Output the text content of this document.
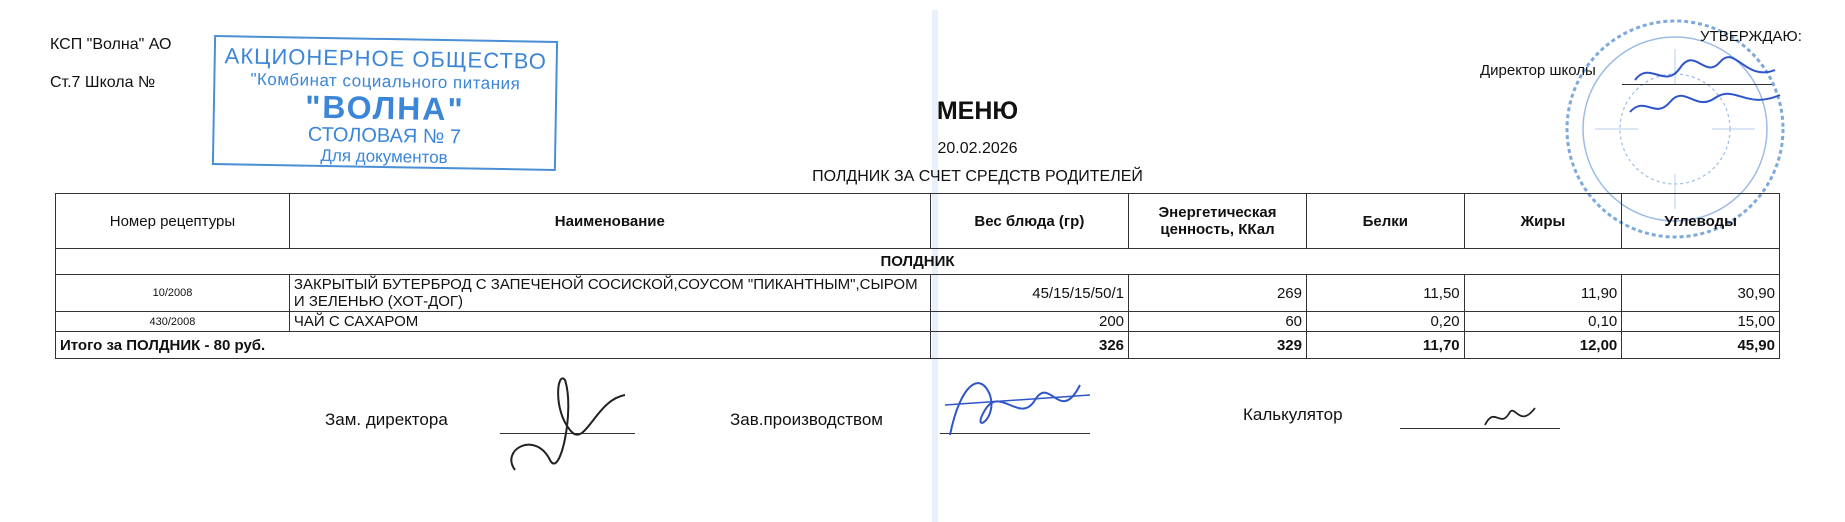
КСП "Волна" АО
Ст.7 Школа №
АКЦИОНЕРНОЕ ОБЩЕСТВО
"Комбинат социального питания
"ВОЛНА"
СТОЛОВАЯ № 7
Для документов
УТВЕРЖДАЮ:
Директор школы
МЕНЮ
20.02.2026
ПОЛДНИК ЗА СЧЕТ СРЕДСТВ РОДИТЕЛЕЙ
Номер рецептуры	Наименование	Вес блюда (гр)	Энергетическая ценность, ККал	Белки	Жиры	Углеводы
ПОЛДНИК						
10/2008	ЗАКРЫТЫЙ БУТЕРБРОД С ЗАПЕЧЕНОЙ СОСИСКОЙ,СОУСОМ "ПИКАНТНЫМ",СЫРОМ И ЗЕЛЕНЬЮ (ХОТ-ДОГ)	45/15/15/50/1	269	11,50	11,90	30,90
430/2008	ЧАЙ С САХАРОМ	200	60	0,20	0,10	15,00
Итого за ПОЛДНИК - 80 руб.		326	329	11,70	12,00	45,90
Зам. директора	Зав.производством	Калькулятор
